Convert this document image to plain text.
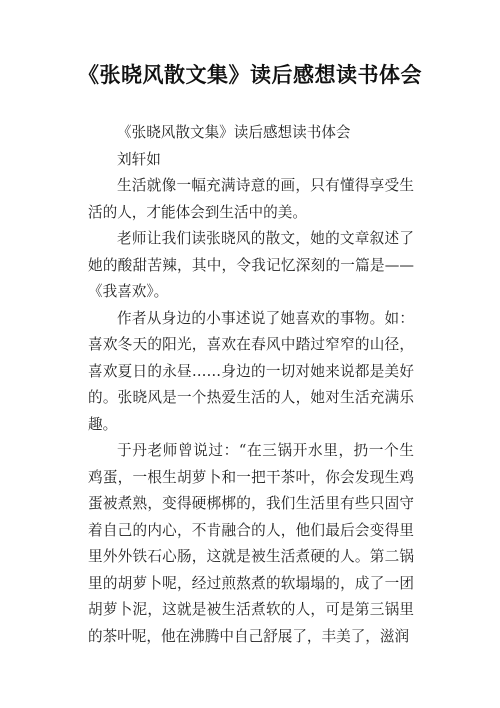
《张晓风散文集》读后感想读书体会

《张晓风散文集》读后感想读书体会

刘轩如

生活就像一幅充满诗意的画，只有懂得享受生活的人，才能体会到生活中的美。

老师让我们读张晓风的散文，她的文章叙述了她的酸甜苦辣，其中，令我记忆深刻的一篇是——《我喜欢》。

作者从身边的小事述说了她喜欢的事物。如：喜欢冬天的阳光，喜欢在春风中踏过窄窄的山径，喜欢夏日的永昼……身边的一切对她来说都是美好的。张晓风是一个热爱生活的人，她对生活充满乐趣。

于丹老师曾说过：“在三锅开水里，扔一个生鸡蛋，一根生胡萝卜和一把干茶叶，你会发现生鸡蛋被煮熟，变得硬梆梆的，我们生活里有些只固守着自己的内心，不肯融合的人，他们最后会变得里里外外铁石心肠，这就是被生活煮硬的人。第二锅里的胡萝卜呢，经过煎熬煮的软塌塌的，成了一团胡萝卜泥，这就是被生活煮软的人，可是第三锅里的茶叶呢，他在沸腾中自己舒展了，丰美了，滋润
